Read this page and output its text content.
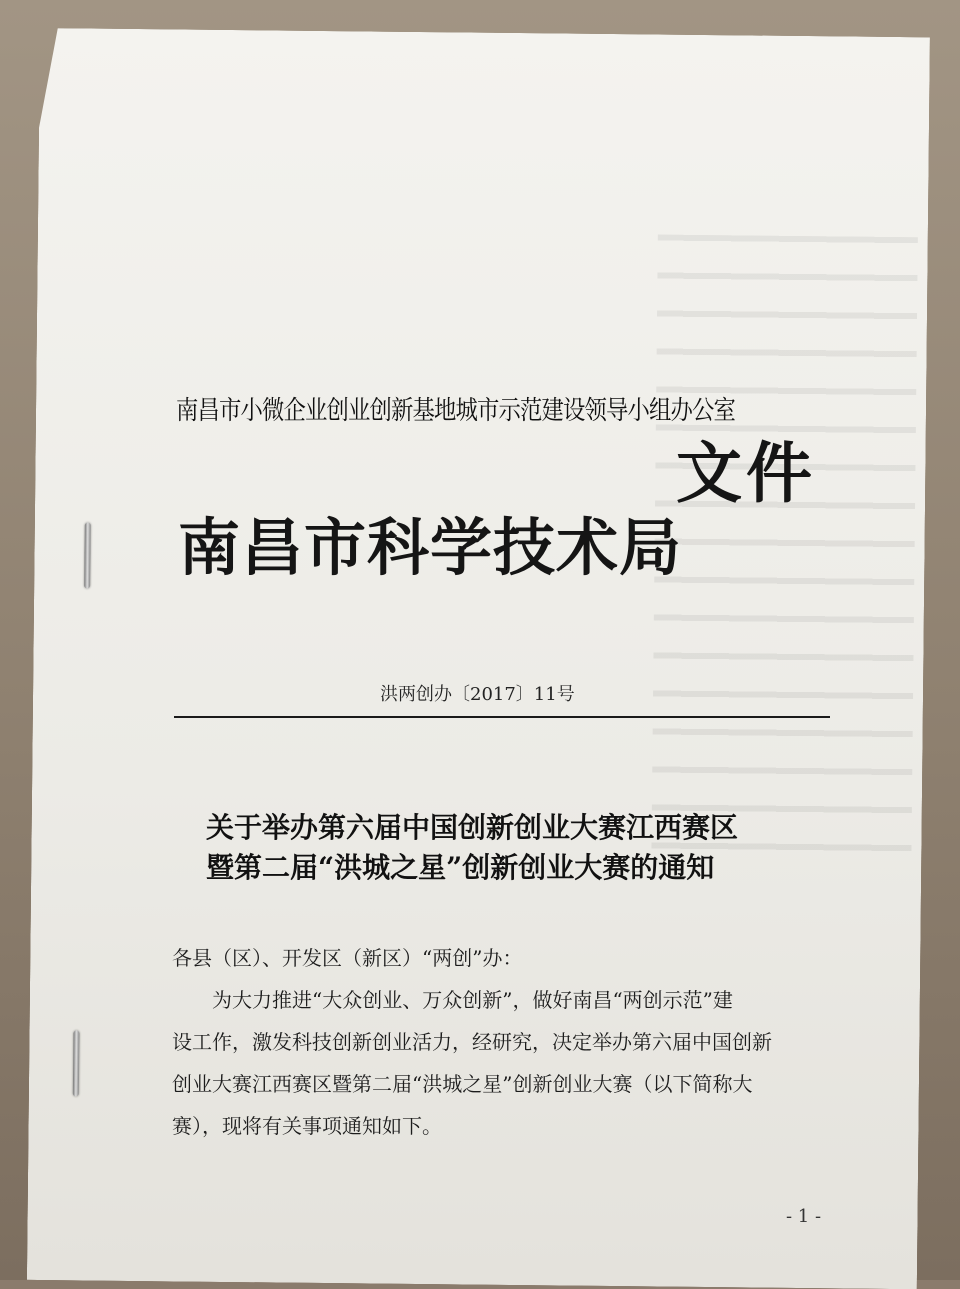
南昌市小微企业创业创新基地城市示范建设领导小组办公室
南昌市科学技术局
文件
洪两创办〔2017〕11号
关于举办第六届中国创新创业大赛江西赛区
暨第二届“洪城之星”创新创业大赛的通知
各县（区）、开发区（新区）“两创”办：
为大力推进“大众创业、万众创新”，做好南昌“两创示范”建
设工作，激发科技创新创业活力，经研究，决定举办第六届中国创新
创业大赛江西赛区暨第二届“洪城之星”创新创业大赛（以下简称大
赛），现将有关事项通知如下。
- 1 -
